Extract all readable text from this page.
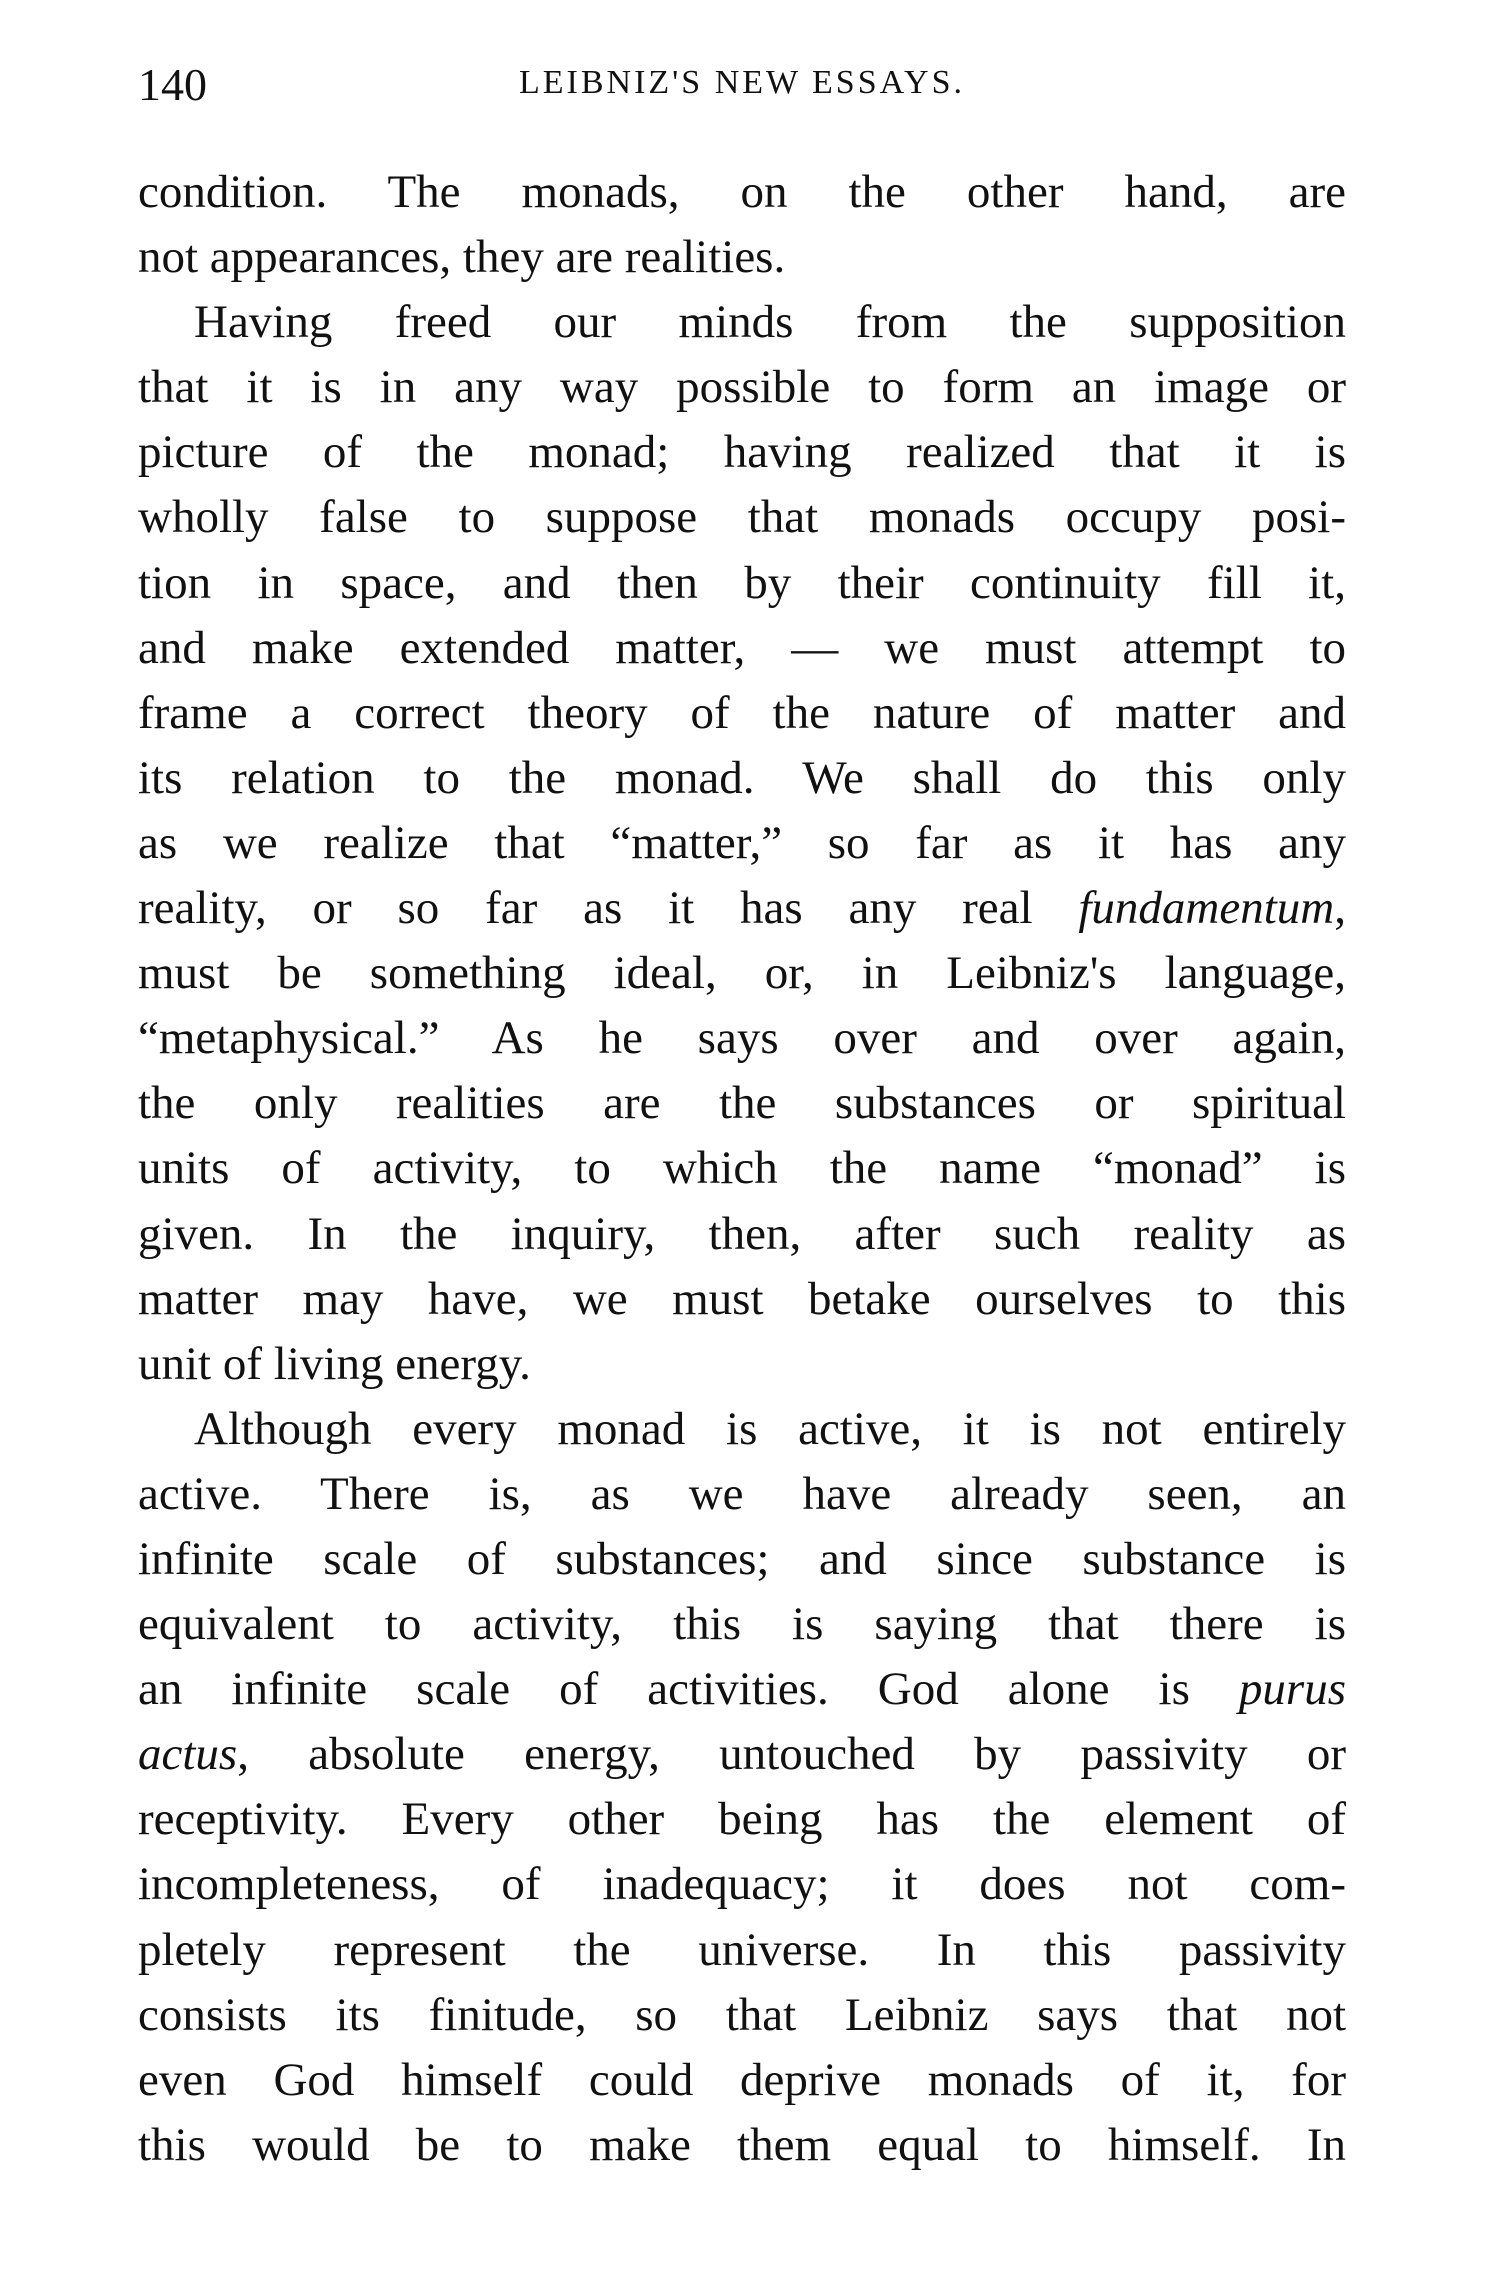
140	LEIBNIZ'S NEW ESSAYS.
condition. The monads, on the other hand, are
not appearances, they are realities.
Having freed our minds from the supposition
that it is in any way possible to form an image or
picture of the monad; having realized that it is
wholly false to suppose that monads occupy posi-
tion in space, and then by their continuity fill it,
and make extended matter, — we must attempt to
frame a correct theory of the nature of matter and
its relation to the monad. We shall do this only
as we realize that “matter,” so far as it has any
reality, or so far as it has any real fundamentum,
must be something ideal, or, in Leibniz's language,
“metaphysical.” As he says over and over again,
the only realities are the substances or spiritual
units of activity, to which the name “monad” is
given. In the inquiry, then, after such reality as
matter may have, we must betake ourselves to this
unit of living energy.
Although every monad is active, it is not entirely
active. There is, as we have already seen, an
infinite scale of substances; and since substance is
equivalent to activity, this is saying that there is
an infinite scale of activities. God alone is purus
actus, absolute energy, untouched by passivity or
receptivity. Every other being has the element of
incompleteness, of inadequacy; it does not com-
pletely represent the universe. In this passivity
consists its finitude, so that Leibniz says that not
even God himself could deprive monads of it, for
this would be to make them equal to himself. In
